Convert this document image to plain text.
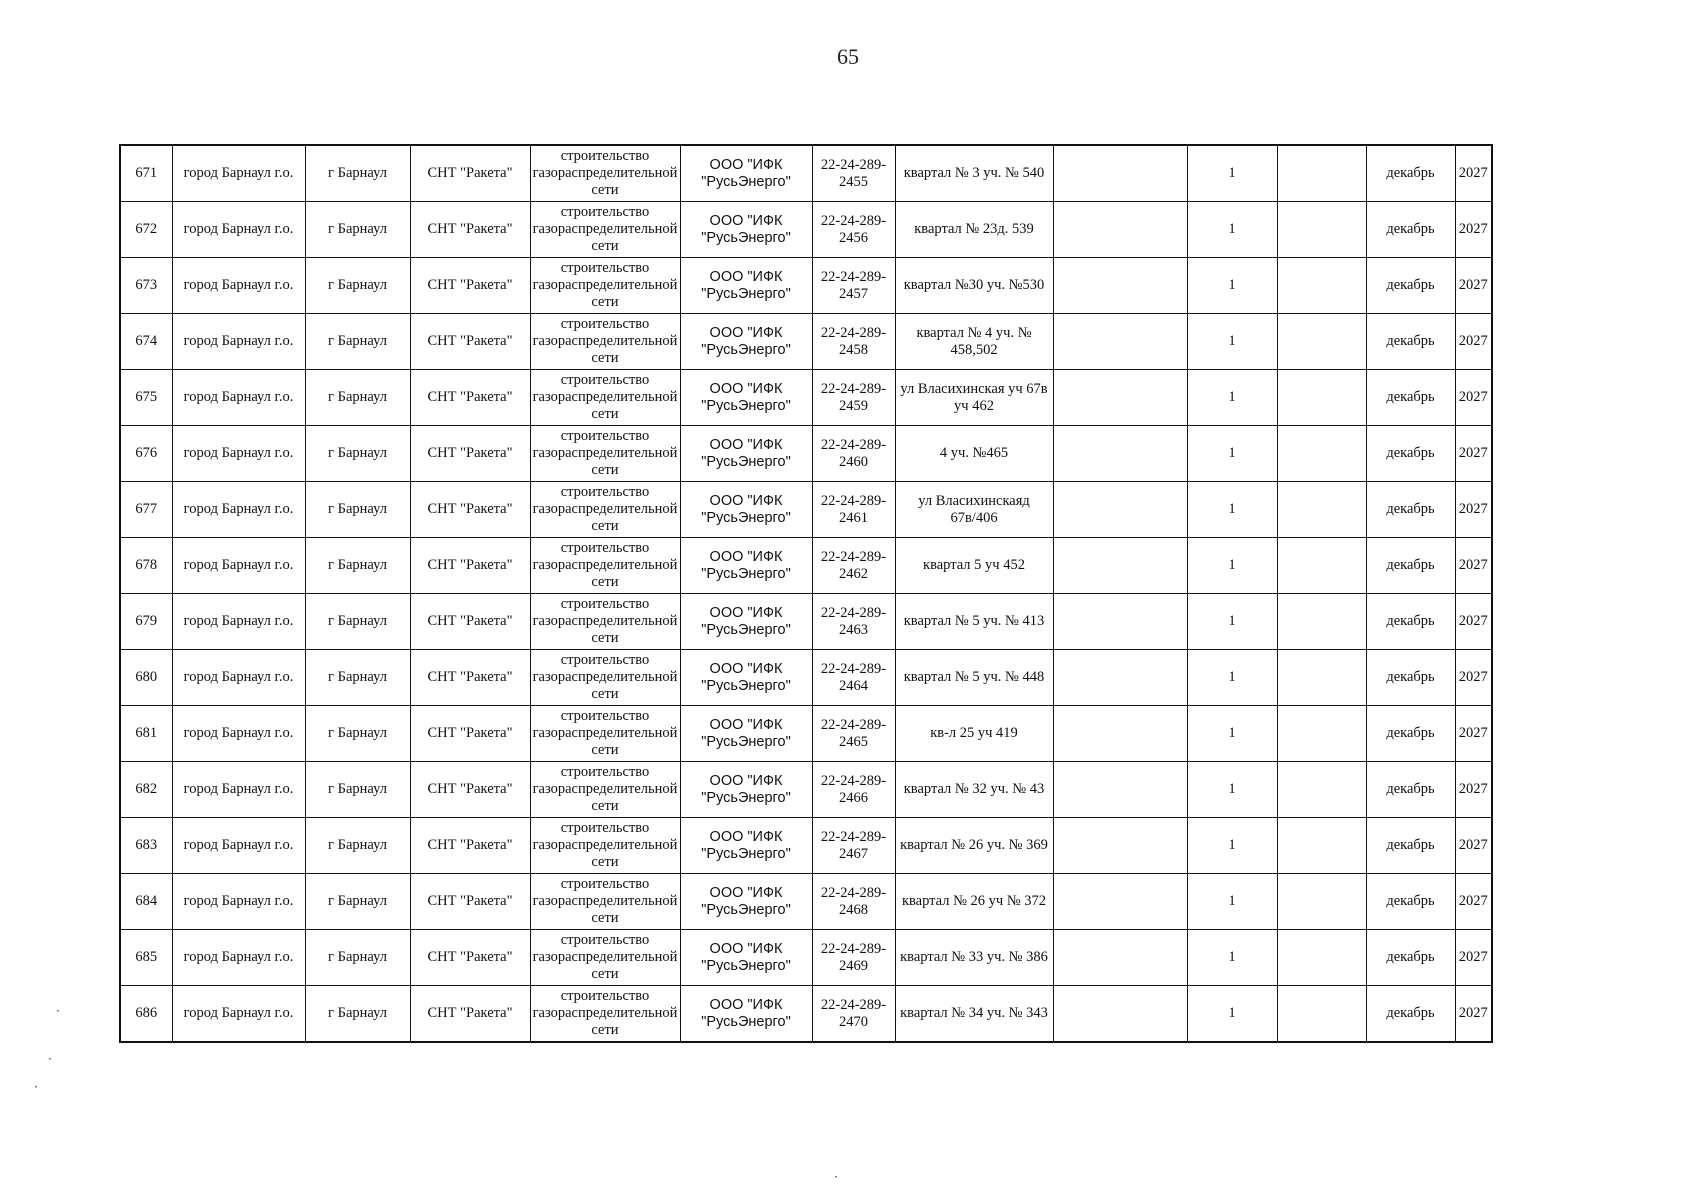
65
671	город Барнаул г.о.	г Барнаул	СНТ "Ракета"	строительство газораспределительной сети	ООО "ИФК "РусьЭнерго"	22-24-289-2455	квартал № 3 уч. № 540		1		декабрь	2027
672	город Барнаул г.о.	г Барнаул	СНТ "Ракета"	строительство газораспределительной сети	ООО "ИФК "РусьЭнерго"	22-24-289-2456	квартал № 23д. 539		1		декабрь	2027
673	город Барнаул г.о.	г Барнаул	СНТ "Ракета"	строительство газораспределительной сети	ООО "ИФК "РусьЭнерго"	22-24-289-2457	квартал №30 уч. №530		1		декабрь	2027
674	город Барнаул г.о.	г Барнаул	СНТ "Ракета"	строительство газораспределительной сети	ООО "ИФК "РусьЭнерго"	22-24-289-2458	квартал № 4 уч. № 458,502		1		декабрь	2027
675	город Барнаул г.о.	г Барнаул	СНТ "Ракета"	строительство газораспределительной сети	ООО "ИФК "РусьЭнерго"	22-24-289-2459	ул Власихинская уч 67в уч 462		1		декабрь	2027
676	город Барнаул г.о.	г Барнаул	СНТ "Ракета"	строительство газораспределительной сети	ООО "ИФК "РусьЭнерго"	22-24-289-2460	4 уч. №465		1		декабрь	2027
677	город Барнаул г.о.	г Барнаул	СНТ "Ракета"	строительство газораспределительной сети	ООО "ИФК "РусьЭнерго"	22-24-289-2461	ул Власихинскаяд 67в/406		1		декабрь	2027
678	город Барнаул г.о.	г Барнаул	СНТ "Ракета"	строительство газораспределительной сети	ООО "ИФК "РусьЭнерго"	22-24-289-2462	квартал 5 уч 452		1		декабрь	2027
679	город Барнаул г.о.	г Барнаул	СНТ "Ракета"	строительство газораспределительной сети	ООО "ИФК "РусьЭнерго"	22-24-289-2463	квартал № 5 уч. № 413		1		декабрь	2027
680	город Барнаул г.о.	г Барнаул	СНТ "Ракета"	строительство газораспределительной сети	ООО "ИФК "РусьЭнерго"	22-24-289-2464	квартал № 5 уч. № 448		1		декабрь	2027
681	город Барнаул г.о.	г Барнаул	СНТ "Ракета"	строительство газораспределительной сети	ООО "ИФК "РусьЭнерго"	22-24-289-2465	кв-л 25 уч 419		1		декабрь	2027
682	город Барнаул г.о.	г Барнаул	СНТ "Ракета"	строительство газораспределительной сети	ООО "ИФК "РусьЭнерго"	22-24-289-2466	квартал № 32 уч. № 43		1		декабрь	2027
683	город Барнаул г.о.	г Барнаул	СНТ "Ракета"	строительство газораспределительной сети	ООО "ИФК "РусьЭнерго"	22-24-289-2467	квартал № 26 уч. № 369		1		декабрь	2027
684	город Барнаул г.о.	г Барнаул	СНТ "Ракета"	строительство газораспределительной сети	ООО "ИФК "РусьЭнерго"	22-24-289-2468	квартал № 26 уч № 372		1		декабрь	2027
685	город Барнаул г.о.	г Барнаул	СНТ "Ракета"	строительство газораспределительной сети	ООО "ИФК "РусьЭнерго"	22-24-289-2469	квартал № 33 уч. № 386		1		декабрь	2027
686	город Барнаул г.о.	г Барнаул	СНТ "Ракета"	строительство газораспределительной сети	ООО "ИФК "РусьЭнерго"	22-24-289-2470	квартал № 34 уч. № 343		1		декабрь	2027
·
·
·
·
